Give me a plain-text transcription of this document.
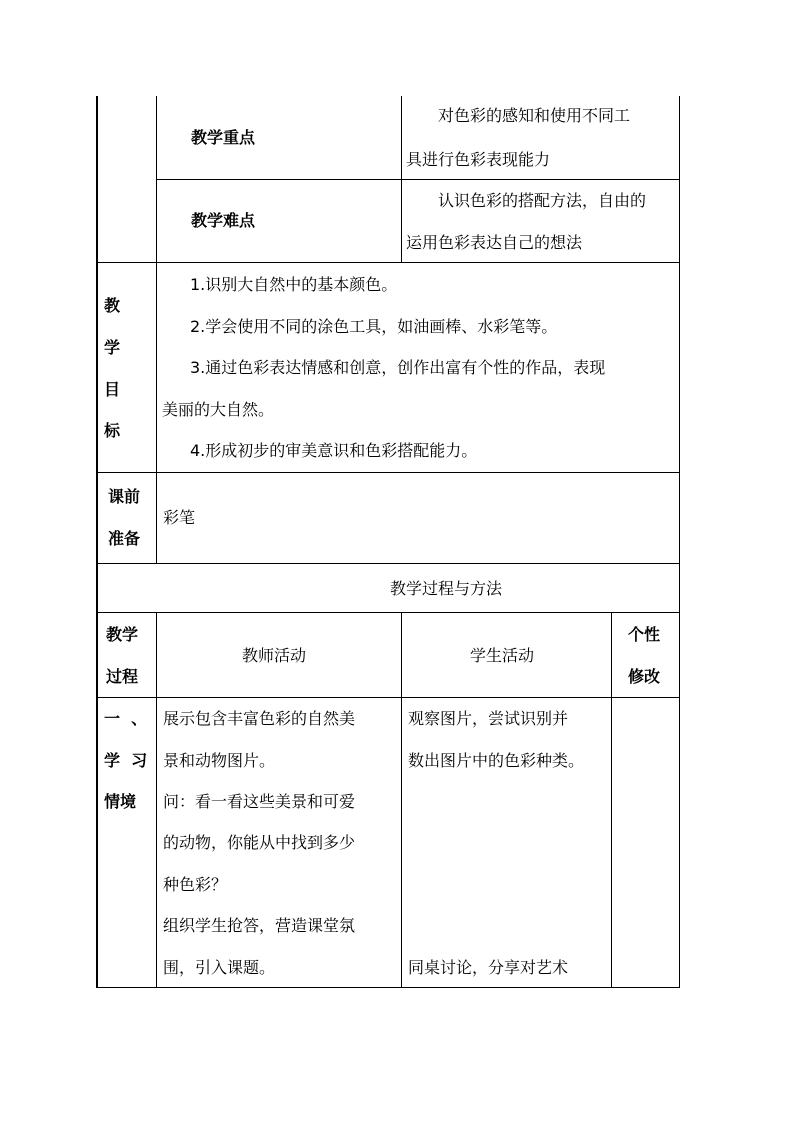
教学重点
对色彩的感知和使用不同工
具进行色彩表现能力
教学难点
认识色彩的搭配方法，自由的
运用色彩表达自己的想法
教
学
目
标
1.识别大自然中的基本颜色。
2.学会使用不同的涂色工具，如油画棒、水彩笔等。
3.通过色彩表达情感和创意，创作出富有个性的作品，表现
美丽的大自然。
4.形成初步的审美意识和色彩搭配能力。
课前
准备
彩笔
教学过程与方法
教学
过程
教师活动	学生活动
个性
修改
一  、
学  习
情境
展示包含丰富色彩的自然美
景和动物图片。
问：看一看这些美景和可爱
的动物，你能从中找到多少
种色彩？
组织学生抢答，营造课堂氛
围，引入课题。
观察图片，尝试识别并
数出图片中的色彩种类。
同桌讨论，分享对艺术
